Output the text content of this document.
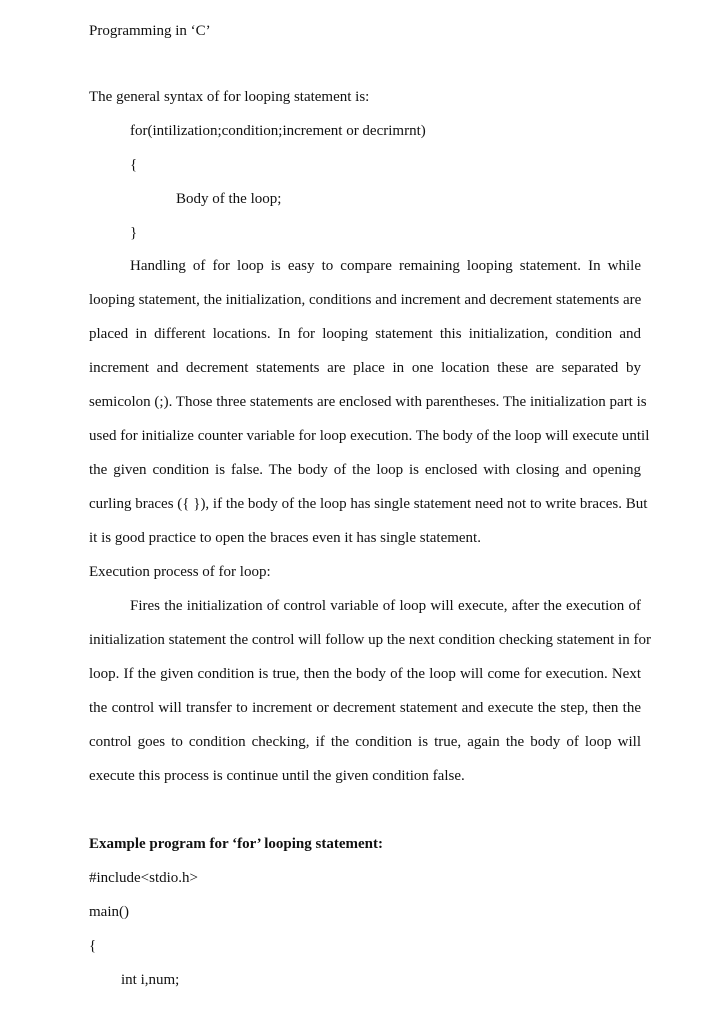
Programming in ‘C’
The general syntax of for looping statement is:
for(intilization;condition;increment or decrimrnt)
{
Body of the loop;
}
Handling of for loop is easy to compare remaining looping statement. In while
looping statement, the initialization, conditions and increment and decrement statements are
placed in different locations. In for looping statement this initialization, condition and
increment and decrement statements are place in one location these are separated by
semicolon (;). Those three statements are enclosed with parentheses. The initialization part is
used for initialize counter variable for loop execution. The body of the loop will execute until
the given condition is false. The body of the loop is enclosed with closing and opening
curling braces ({ }), if the body of the loop has single statement need not to write braces. But
it is good practice to open the braces even it has single statement.
Execution process of for loop:
Fires the initialization of control variable of loop will execute, after the execution of
initialization statement the control will follow up the next condition checking statement in for
loop. If the given condition is true, then the body of the loop will come for execution. Next
the control will transfer to increment or decrement statement and execute the step, then the
control goes to condition checking, if the condition is true, again the body of loop will
execute this process is continue until the given condition false.
Example program for ‘for’ looping statement:
#include<stdio.h>
main()
{
int i,num;
